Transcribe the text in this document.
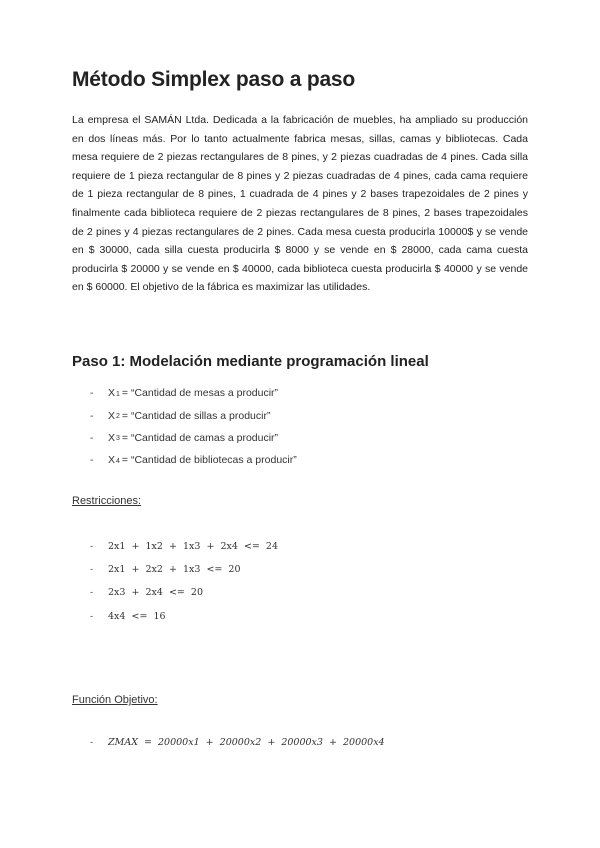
Método Simplex paso a paso

La empresa el SAMÁN Ltda. Dedicada a la fabricación de muebles, ha ampliado su producción en dos líneas más. Por lo tanto actualmente fabrica mesas, sillas, camas y bibliotecas. Cada mesa requiere de 2 piezas rectangulares de 8 pines, y 2 piezas cuadradas de 4 pines. Cada silla requiere de 1 pieza rectangular de 8 pines y 2 piezas cuadradas de 4 pines, cada cama requiere de 1 pieza rectangular de 8 pines, 1 cuadrada de 4 pines y 2 bases trapezoidales de 2 pines y finalmente cada biblioteca requiere de 2 piezas rectangulares de 8 pines, 2 bases trapezoidales de 2 pines y 4 piezas rectangulares de 2 pines. Cada mesa cuesta producirla 10000$ y se vende en $ 30000, cada silla cuesta producirla $ 8000 y se vende en $ 28000, cada cama cuesta producirla $ 20000 y se vende en $ 40000, cada biblioteca cuesta producirla $ 40000 y se vende en $ 60000. El objetivo de la fábrica es maximizar las utilidades.

Paso 1: Modelación mediante programación lineal
-	X 1 = “Cantidad de mesas a producir”
-	X 2 = “Cantidad de sillas a producir”
-	X 3 = “Cantidad de camas a producir”
-	X 4 = “Cantidad de bibliotecas a producir”

Restricciones:

-	2x1  +  1x2  +  1x3  +  2x4  <=  24
-	2x1  +  2x2  +  1x3  <=  20
-	2x3  +  2x4  <=  20
-	4x4  <=  16

Función Objetivo:

-	ZMAX  =  20000x1  +  20000x2  +  20000x3  +  20000x4
